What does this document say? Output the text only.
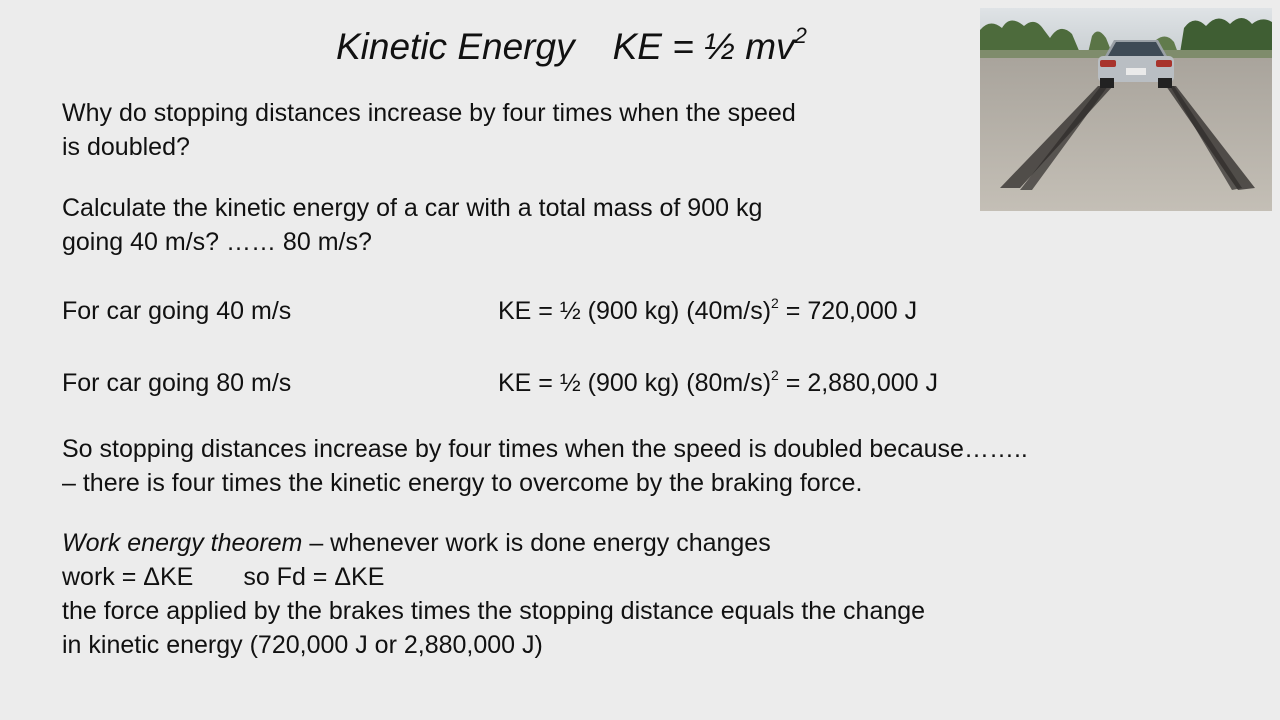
Kinetic Energy KE = ½ $mv^2$
Why do stopping distances increase by four times when the speed
is doubled?
Calculate the kinetic energy of a car with a total mass of 900 kg
going 40 m/s? …… 80 m/s?
For car going 40 m/s	KE = ½ (900 kg) $(40m/s)^2 = 720,000$ J
For car going 80 m/s	KE = ½ (900 kg) $(80m/s)^2 = 2,880,000$ J
So stopping distances increase by four times when the speed is doubled because……..
– there is four times the kinetic energy to overcome by the braking force.
Work energy theorem – whenever work is done energy changes
work = ΔKE so Fd = ΔKE
the force applied by the brakes times the stopping distance equals the change
in kinetic energy (720,000 J or 2,880,000 J)
